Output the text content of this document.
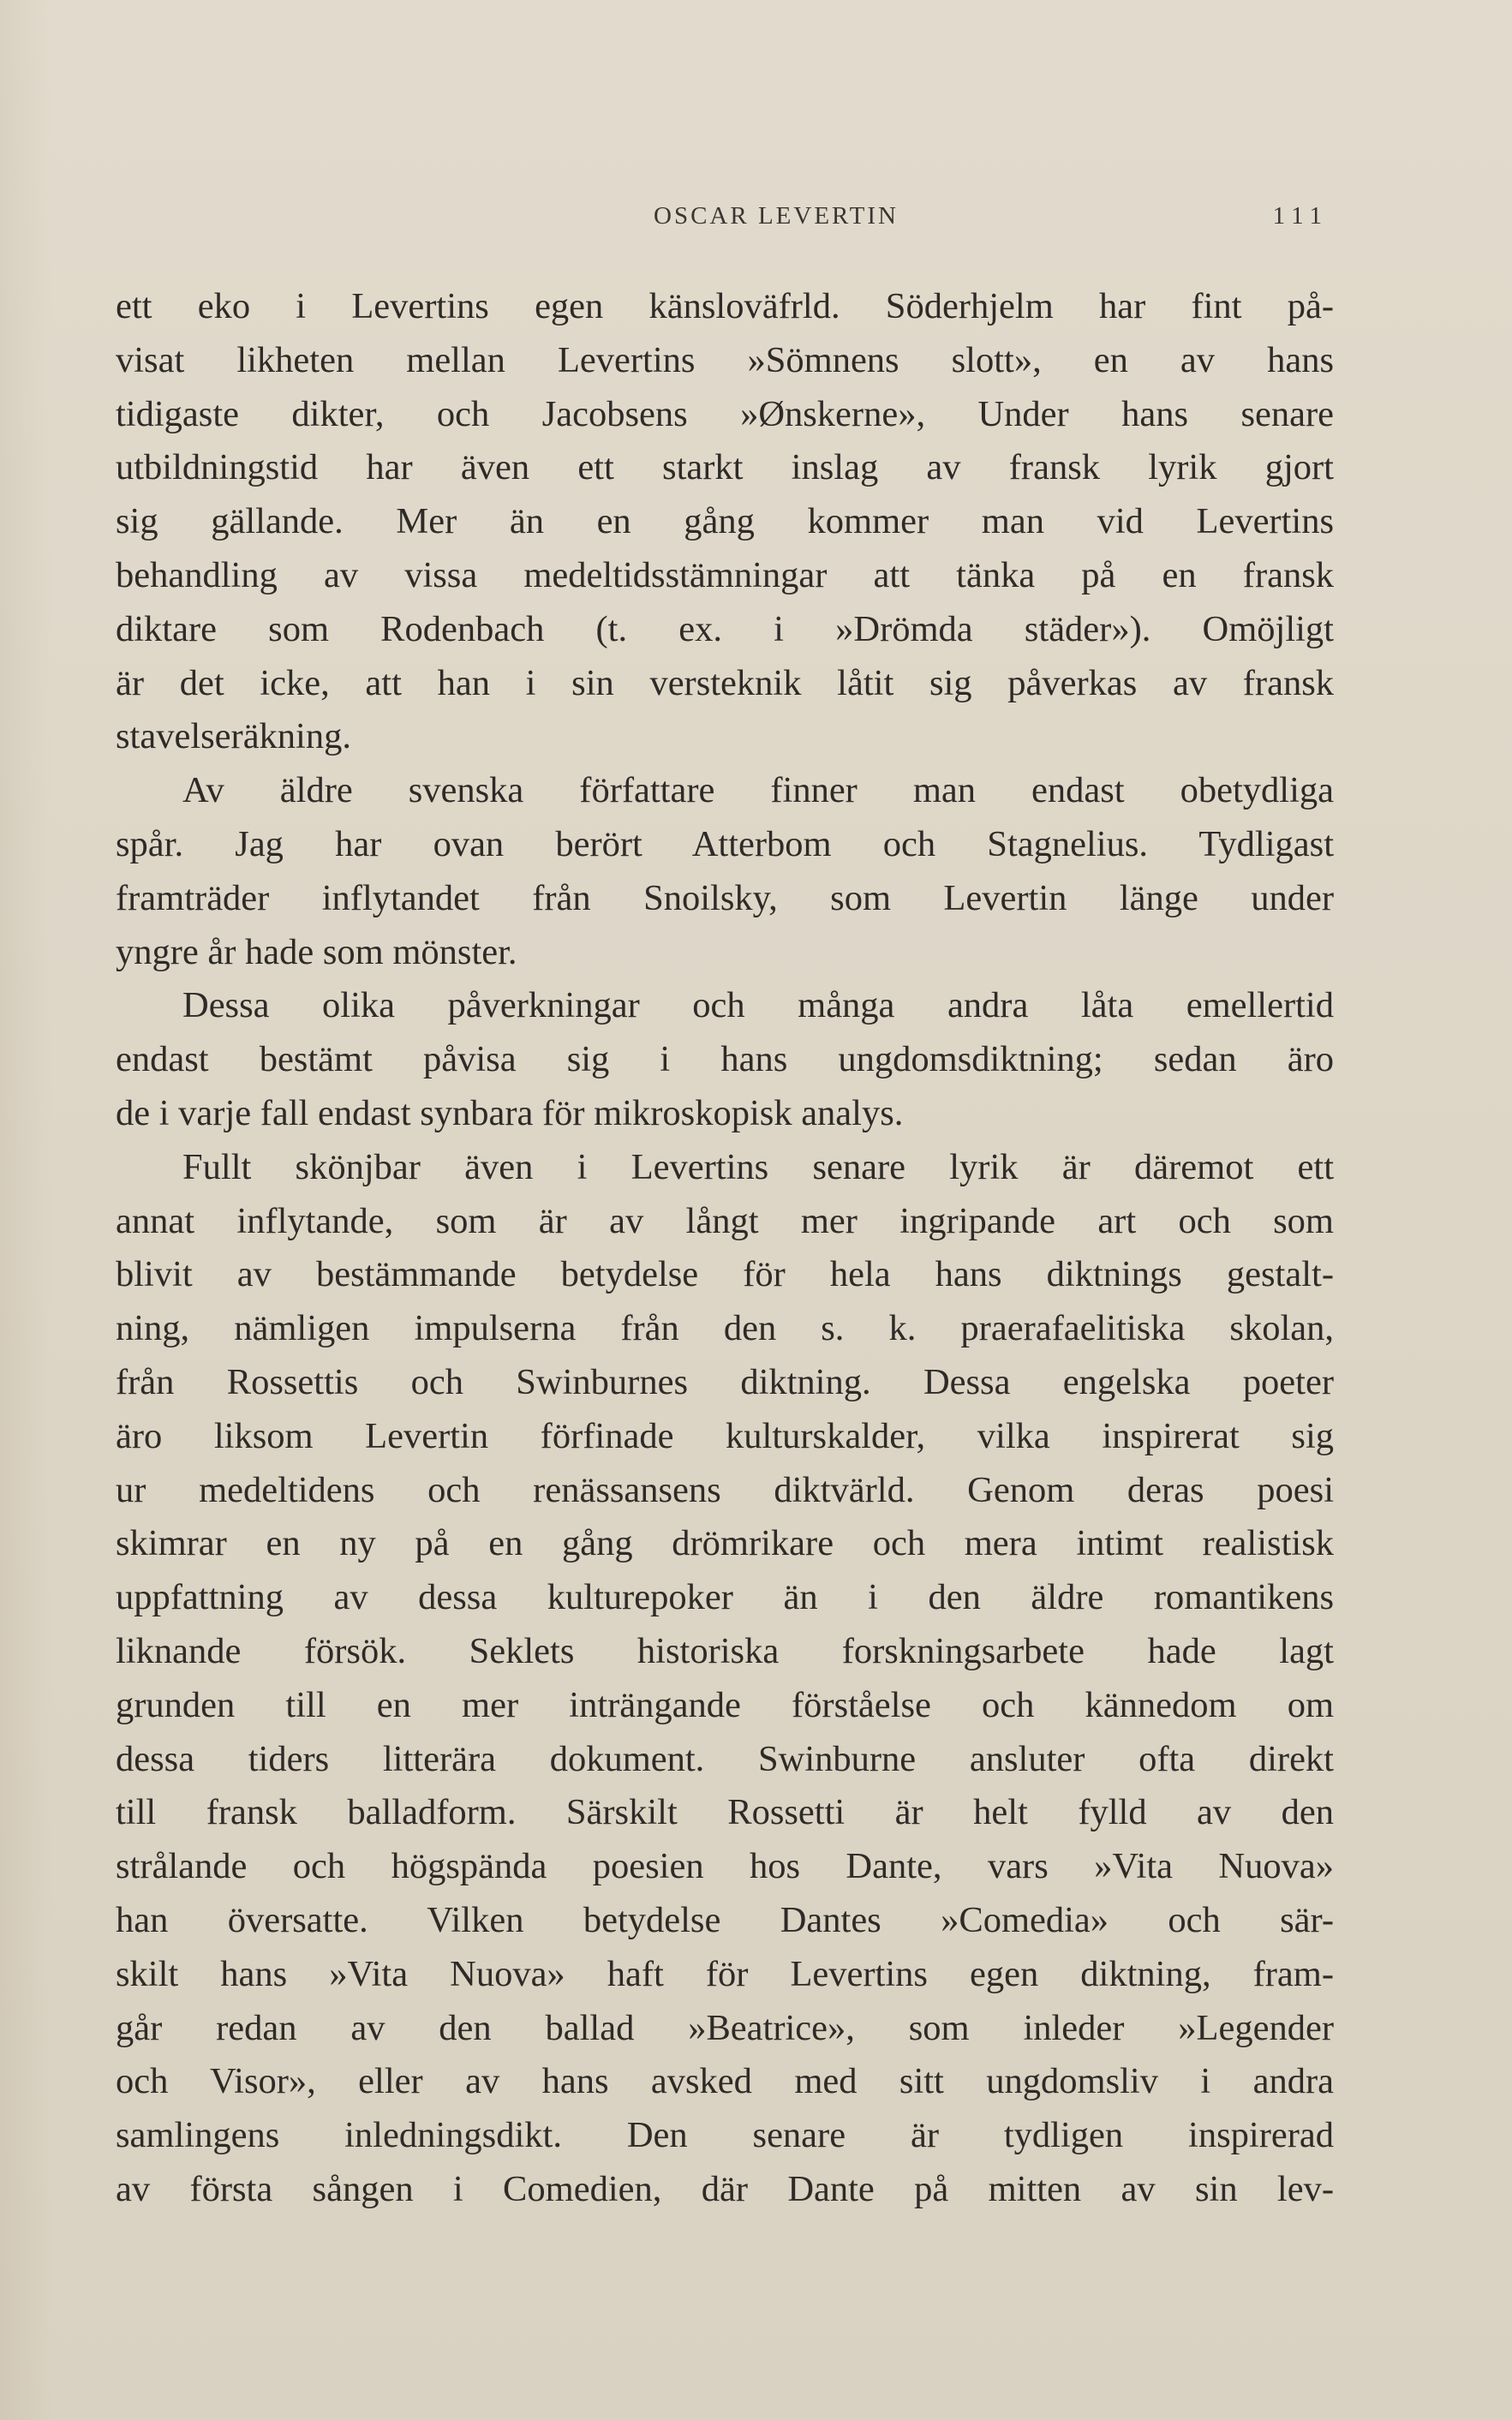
OSCAR LEVERTIN	111

ett eko i Levertins egen känsloväfrld. Söderhjelm har fint på-
visat likheten mellan Levertins »Sömnens slott», en av hans
tidigaste dikter, och Jacobsens »Ønskerne», Under hans senare
utbildningstid har även ett starkt inslag av fransk lyrik gjort
sig gällande. Mer än en gång kommer man vid Levertins
behandling av vissa medeltidsstämningar att tänka på en fransk
diktare som Rodenbach (t. ex. i »Drömda städer»). Omöjligt
är det icke, att han i sin versteknik låtit sig påverkas av fransk
stavelseräkning.

Av äldre svenska författare finner man endast obetydliga
spår. Jag har ovan berört Atterbom och Stagnelius. Tydligast
framträder inflytandet från Snoilsky, som Levertin länge under
yngre år hade som mönster.

Dessa olika påverkningar och många andra låta emellertid
endast bestämt påvisa sig i hans ungdomsdiktning; sedan äro
de i varje fall endast synbara för mikroskopisk analys.

Fullt skönjbar även i Levertins senare lyrik är däremot ett
annat inflytande, som är av långt mer ingripande art och som
blivit av bestämmande betydelse för hela hans diktnings gestalt-
ning, nämligen impulserna från den s. k. praerafaelitiska skolan,
från Rossettis och Swinburnes diktning. Dessa engelska poeter
äro liksom Levertin förfinade kulturskalder, vilka inspirerat sig
ur medeltidens och renässansens diktvärld. Genom deras poesi
skimrar en ny på en gång drömrikare och mera intimt realistisk
uppfattning av dessa kulturepoker än i den äldre romantikens
liknande försök. Seklets historiska forskningsarbete hade lagt
grunden till en mer inträngande förståelse och kännedom om
dessa tiders litterära dokument. Swinburne ansluter ofta direkt
till fransk balladform. Särskilt Rossetti är helt fylld av den
strålande och högspända poesien hos Dante, vars »Vita Nuova»
han översatte. Vilken betydelse Dantes »Comedia» och sär-
skilt hans »Vita Nuova» haft för Levertins egen diktning, fram-
går redan av den ballad »Beatrice», som inleder »Legender
och Visor», eller av hans avsked med sitt ungdomsliv i andra
samlingens inledningsdikt. Den senare är tydligen inspirerad
av första sången i Comedien, där Dante på mitten av sin lev-
